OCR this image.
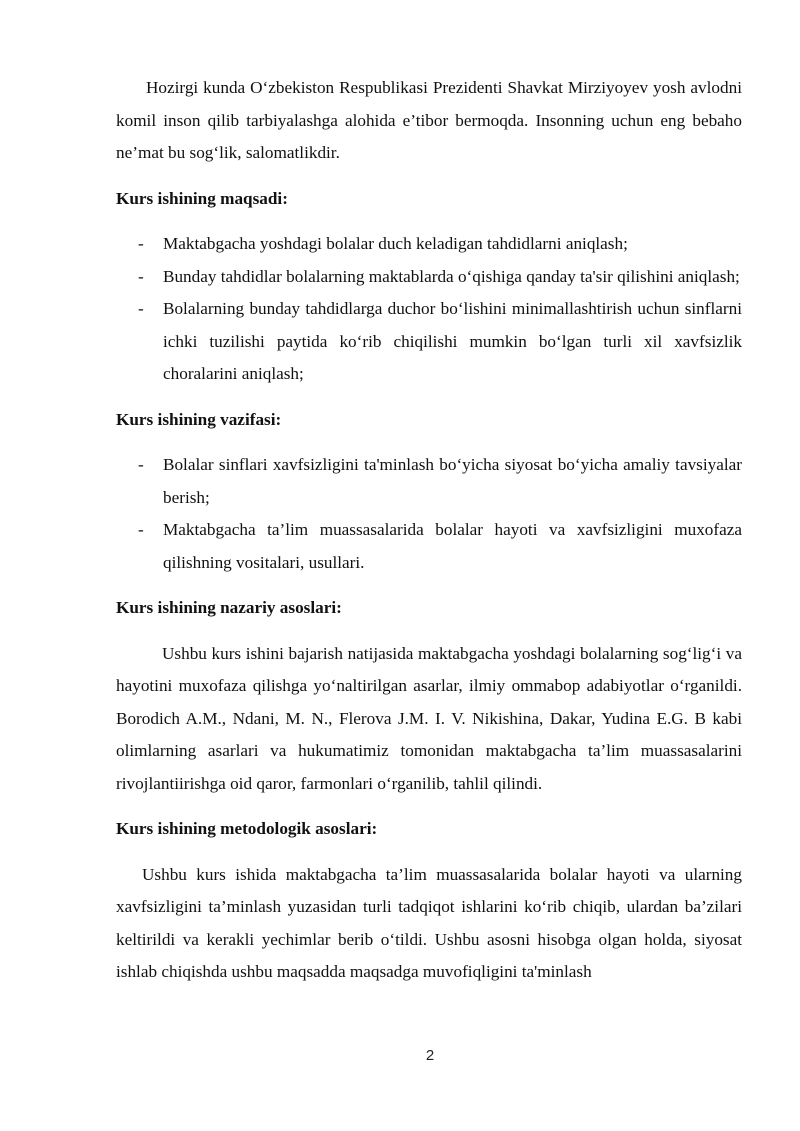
Hozirgi kunda O‘zbekiston Respublikasi Prezidenti Shavkat Mirziyoyev yosh avlodni komil inson qilib tarbiyalashga alohida e’tibor bermoqda. Insonning uchun eng bebaho ne’mat bu sog‘lik, salomatlikdir.

Kurs ishining maqsadi:
- Maktabgacha yoshdagi bolalar duch keladigan tahdidlarni aniqlash;
- Bunday tahdidlar bolalarning maktablarda o‘qishiga qanday ta'sir qilishini aniqlash;
- Bolalarning bunday tahdidlarga duchor bo‘lishini minimallashtirish uchun sinflarni ichki tuzilishi paytida ko‘rib chiqilishi mumkin bo‘lgan turli xil xavfsizlik choralarini aniqlash;
Kurs ishining vazifasi:
- Bolalar sinflari xavfsizligini ta'minlash bo‘yicha siyosat bo‘yicha amaliy tavsiyalar berish;
- Maktabgacha ta’lim muassasalarida bolalar hayoti va xavfsizligini muxofaza qilishning vositalari, usullari.
Kurs ishining nazariy asoslari:

Ushbu kurs ishini bajarish natijasida maktabgacha yoshdagi bolalarning sog‘lig‘i va hayotini muxofaza qilishga yo‘naltirilgan asarlar, ilmiy ommabop adabiyotlar o‘rganildi. Borodich A.M., Ndani, M. N., Flerova J.M. I. V. Nikishina, Dakar, Yudina E.G. B kabi olimlarning asarlari va hukumatimiz tomonidan maktabgacha ta’lim muassasalarini rivojlantiirishga oid qaror, farmonlari o‘rganilib, tahlil qilindi.

Kurs ishining metodologik asoslari:

Ushbu kurs ishida maktabgacha ta’lim muassasalarida bolalar hayoti va ularning xavfsizligini ta’minlash yuzasidan turli tadqiqot ishlarini ko‘rib chiqib, ulardan ba’zilari keltirildi va kerakli yechimlar berib o‘tildi. Ushbu asosni hisobga olgan holda, siyosat ishlab chiqishda ushbu maqsadda maqsadga muvofiqligini ta'minlash

2
